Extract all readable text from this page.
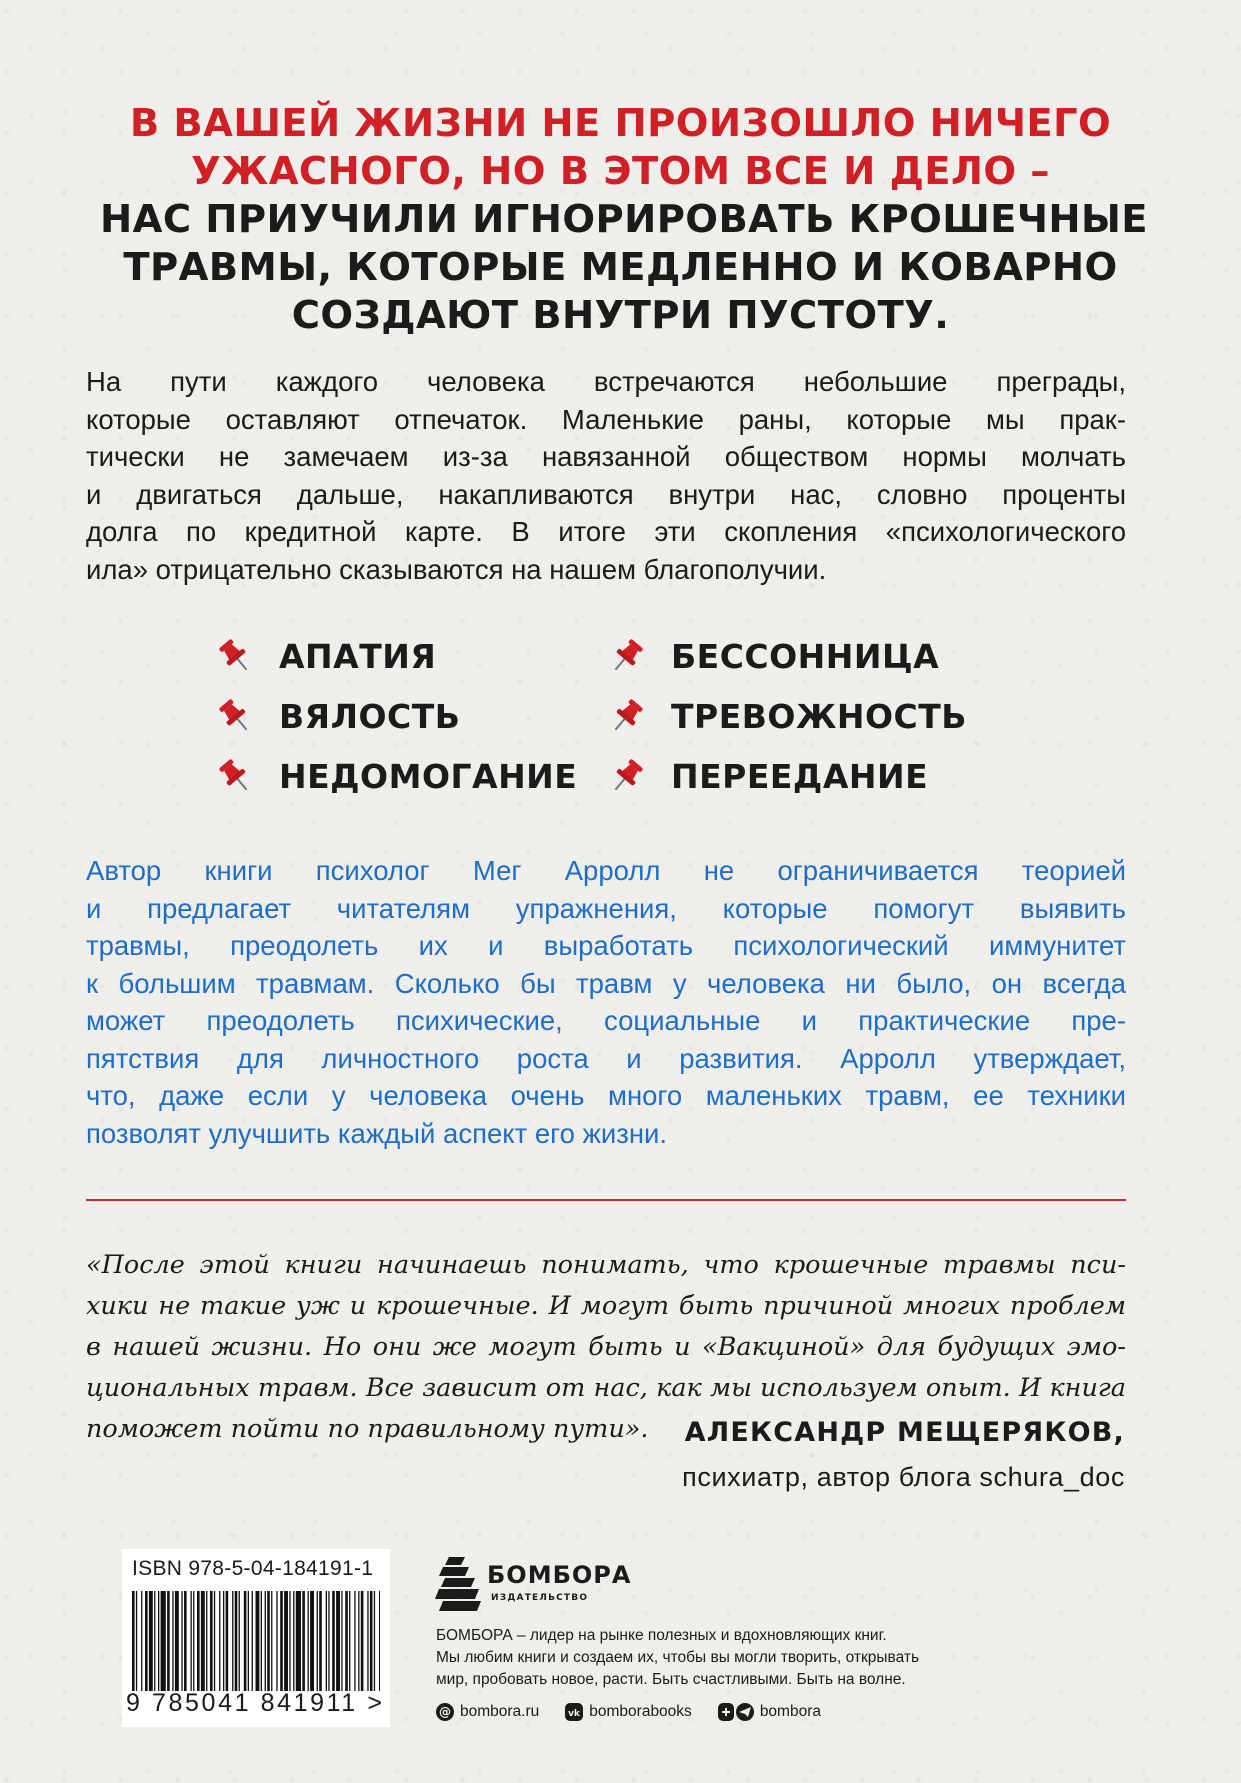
В ВАШЕЙ ЖИЗНИ НЕ ПРОИЗОШЛО НИЧЕГО
УЖАСНОГО, НО В ЭТОМ ВСЕ И ДЕЛО –
НАС ПРИУЧИЛИ ИГНОРИРОВАТЬ КРОШЕЧНЫЕ
ТРАВМЫ, КОТОРЫЕ МЕДЛЕННО И КОВАРНО
СОЗДАЮТ ВНУТРИ ПУСТОТУ.

На пути каждого человека встречаются небольшие преграды,
которые оставляют отпечаток. Маленькие раны, которые мы прак-
тически не замечаем из-за навязанной обществом нормы молчать
и двигаться дальше, накапливаются внутри нас, словно проценты
долга по кредитной карте. В итоге эти скопления «психологического
ила» отрицательно сказываются на нашем благополучии.

АПАТИЯ
ВЯЛОСТЬ
НЕДОМОГАНИЕ
БЕССОННИЦА
ТРЕВОЖНОСТЬ
ПЕРЕЕДАНИЕ

Автор книги психолог Мег Арролл не ограничивается теорией
и предлагает читателям упражнения, которые помогут выявить
травмы, преодолеть их и выработать психологический иммунитет
к большим травмам. Сколько бы травм у человека ни было, он всегда
может преодолеть психические, социальные и практические пре-
пятствия для личностного роста и развития. Арролл утверждает,
что, даже если у человека очень много маленьких травм, ее техники
позволят улучшить каждый аспект его жизни.

«После этой книги начинаешь понимать, что крошечные травмы пси-
хики не такие уж и крошечные. И могут быть причиной многих проблем
в нашей жизни. Но они же могут быть и «Вакциной» для будущих эмо-
циональных травм. Все зависит от нас, как мы используем опыт. И книга
поможет пойти по правильному пути».	АЛЕКСАНДР МЕЩЕРЯКОВ,
психиатр, автор блога schura_doc
ISBN 978-5-04-184191-1
9 785041 841911 >
БОМБОРА
ИЗДАТЕЛЬСТВО

БОМБОРА – лидер на рынке полезных и вдохновляющих книг.
Мы любим книги и создаем их, чтобы вы могли творить, открывать
мир, пробовать новое, расти. Быть счастливыми. Быть на волне.

@ bombora.ru	vk bomborabooks	bombora
